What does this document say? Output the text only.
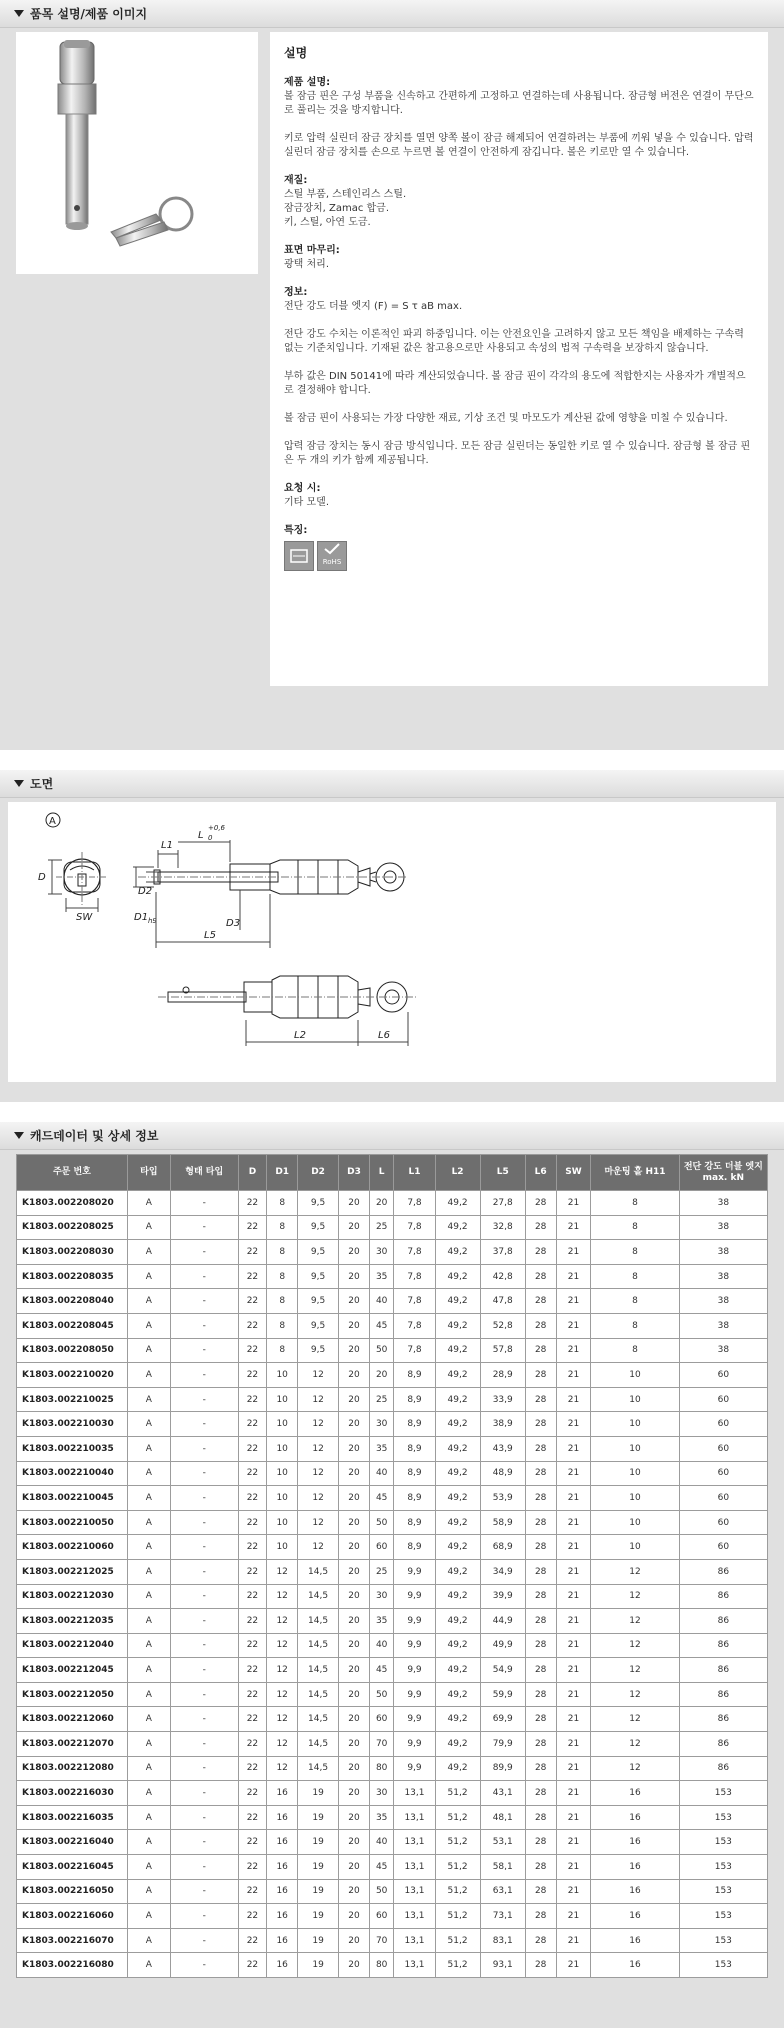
품목 설명/제품 이미지
설명
제품 설명:

볼 잠금 핀은 구성 부품을 신속하고 간편하게 고정하고 연결하는데 사용됩니다. 잠금형 버전은 연결이 무단으로 풀리는 것을 방지합니다.

키로 압력 실린더 잠금 장치를 열면 양쪽 볼이 잠금 해제되어 연결하려는 부품에 끼워 넣을 수 있습니다. 압력 실린더 잠금 장치를 손으로 누르면 볼 연결이 안전하게 잠깁니다. 볼은 키로만 열 수 있습니다.

재질:
스틸 부품, 스테인리스 스틸.
잠금장치, Zamac 합금.

키, 스틸, 아연 도금.

표면 마무리:

광택 처리.

정보:

전단 강도 더블 엣지 (F) = S τ aB max.

전단 강도 수치는 이론적인 파괴 하중입니다. 이는 안전요인을 고려하지 않고 모든 책임을 배제하는 구속력 없는 기준치입니다. 기재된 값은 참고용으로만 사용되고 속성의 법적 구속력을 보장하지 않습니다.

부하 값은 DIN 50141에 따라 계산되었습니다. 볼 잠금 핀이 각각의 용도에 적합한지는 사용자가 개별적으로 결정해야 합니다.

볼 잠금 핀이 사용되는 가장 다양한 재료, 기상 조건 및 마모도가 계산된 값에 영향을 미칠 수 있습니다.

압력 잠금 장치는 동시 잠금 방식입니다. 모든 잠금 실린더는 동일한 키로 열 수 있습니다. 잠금형 볼 잠금 핀은 두 개의 키가 함께 제공됩니다.

요청 시:

기타 모델.

특징:
RoHS
도면
A
D
SW
L1
L
+0,6
0
D2
D1 h9	D3
L5
L2	L6
캐드데이터 및 상세 정보
주문 번호	타입	형태 타입	D	D1	D2	D3	L	L1	L2	L5	L6	SW	마운팅 홀 H11	전단 강도 더블 엣지 max. kN
K1803.002208020	A	-	22	8	9,5	20	20	7,8	49,2	27,8	28	21	8	38
K1803.002208025	A	-	22	8	9,5	20	25	7,8	49,2	32,8	28	21	8	38
K1803.002208030	A	-	22	8	9,5	20	30	7,8	49,2	37,8	28	21	8	38
K1803.002208035	A	-	22	8	9,5	20	35	7,8	49,2	42,8	28	21	8	38
K1803.002208040	A	-	22	8	9,5	20	40	7,8	49,2	47,8	28	21	8	38
K1803.002208045	A	-	22	8	9,5	20	45	7,8	49,2	52,8	28	21	8	38
K1803.002208050	A	-	22	8	9,5	20	50	7,8	49,2	57,8	28	21	8	38
K1803.002210020	A	-	22	10	12	20	20	8,9	49,2	28,9	28	21	10	60
K1803.002210025	A	-	22	10	12	20	25	8,9	49,2	33,9	28	21	10	60
K1803.002210030	A	-	22	10	12	20	30	8,9	49,2	38,9	28	21	10	60
K1803.002210035	A	-	22	10	12	20	35	8,9	49,2	43,9	28	21	10	60
K1803.002210040	A	-	22	10	12	20	40	8,9	49,2	48,9	28	21	10	60
K1803.002210045	A	-	22	10	12	20	45	8,9	49,2	53,9	28	21	10	60
K1803.002210050	A	-	22	10	12	20	50	8,9	49,2	58,9	28	21	10	60
K1803.002210060	A	-	22	10	12	20	60	8,9	49,2	68,9	28	21	10	60
K1803.002212025	A	-	22	12	14,5	20	25	9,9	49,2	34,9	28	21	12	86
K1803.002212030	A	-	22	12	14,5	20	30	9,9	49,2	39,9	28	21	12	86
K1803.002212035	A	-	22	12	14,5	20	35	9,9	49,2	44,9	28	21	12	86
K1803.002212040	A	-	22	12	14,5	20	40	9,9	49,2	49,9	28	21	12	86
K1803.002212045	A	-	22	12	14,5	20	45	9,9	49,2	54,9	28	21	12	86
K1803.002212050	A	-	22	12	14,5	20	50	9,9	49,2	59,9	28	21	12	86
K1803.002212060	A	-	22	12	14,5	20	60	9,9	49,2	69,9	28	21	12	86
K1803.002212070	A	-	22	12	14,5	20	70	9,9	49,2	79,9	28	21	12	86
K1803.002212080	A	-	22	12	14,5	20	80	9,9	49,2	89,9	28	21	12	86
K1803.002216030	A	-	22	16	19	20	30	13,1	51,2	43,1	28	21	16	153
K1803.002216035	A	-	22	16	19	20	35	13,1	51,2	48,1	28	21	16	153
K1803.002216040	A	-	22	16	19	20	40	13,1	51,2	53,1	28	21	16	153
K1803.002216045	A	-	22	16	19	20	45	13,1	51,2	58,1	28	21	16	153
K1803.002216050	A	-	22	16	19	20	50	13,1	51,2	63,1	28	21	16	153
K1803.002216060	A	-	22	16	19	20	60	13,1	51,2	73,1	28	21	16	153
K1803.002216070	A	-	22	16	19	20	70	13,1	51,2	83,1	28	21	16	153
K1803.002216080	A	-	22	16	19	20	80	13,1	51,2	93,1	28	21	16	153
